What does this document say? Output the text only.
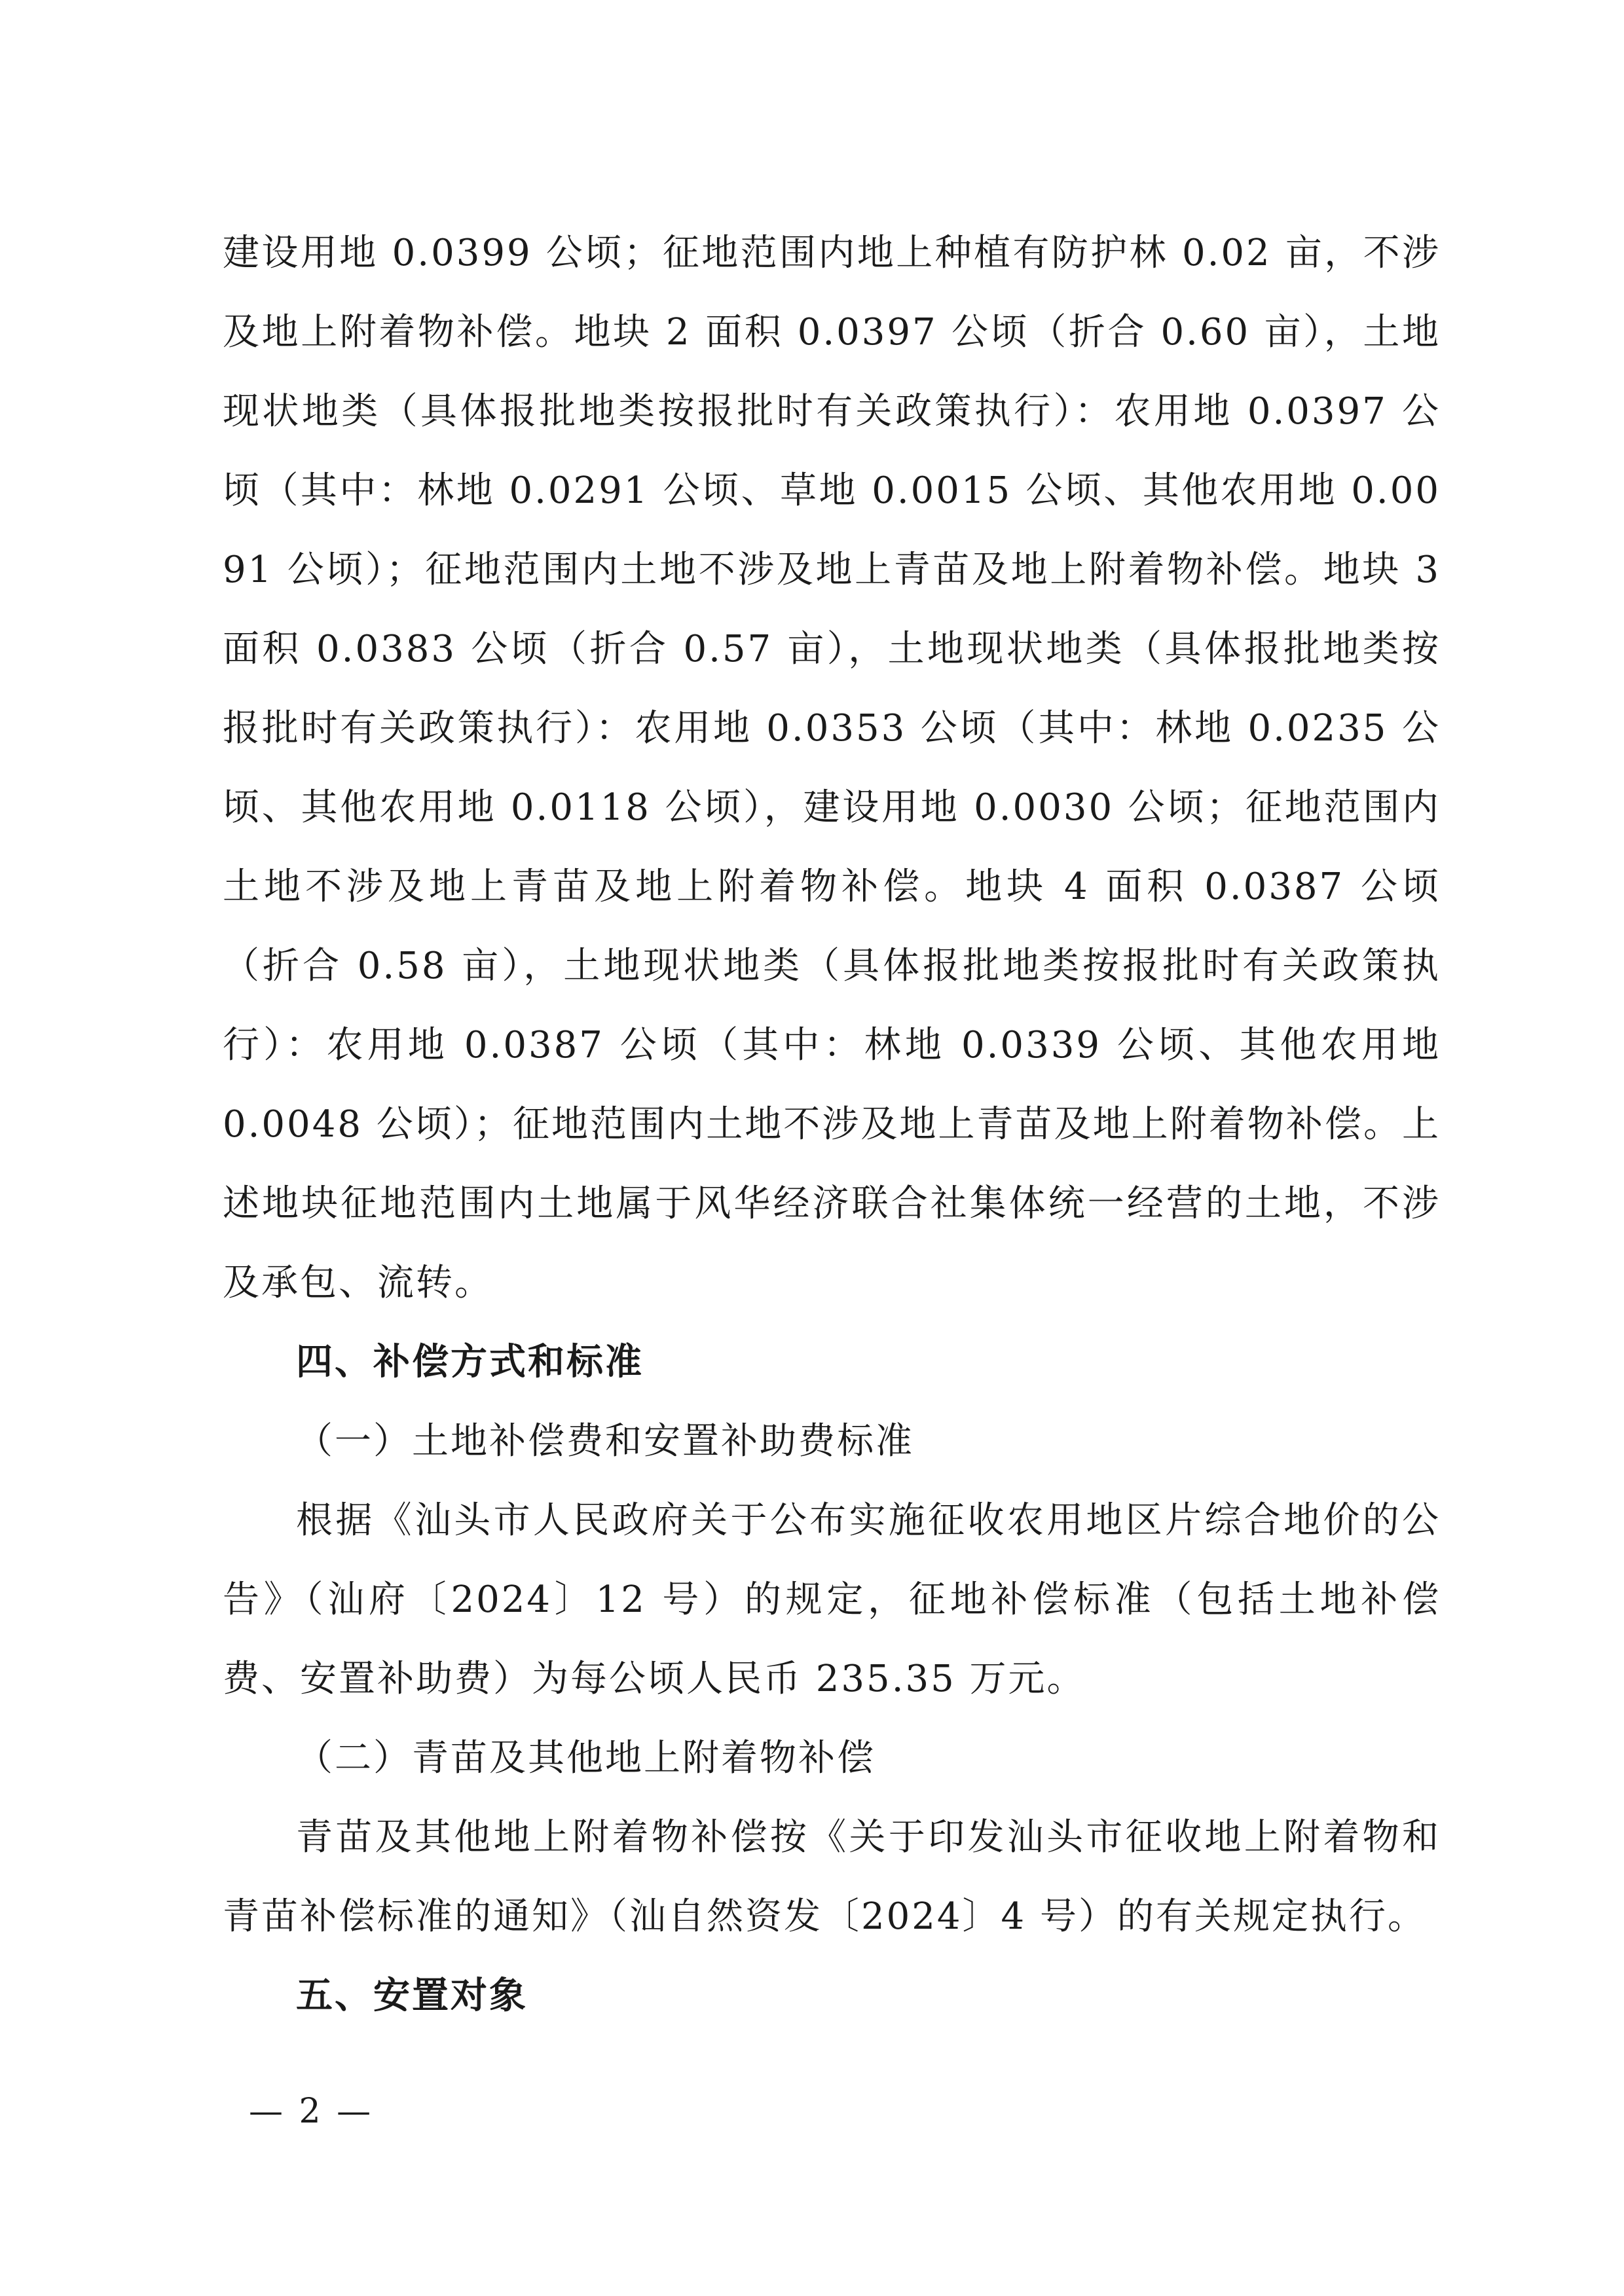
建设用地 0.0399 公顷；征地范围内地上种植有防护林 0.02 亩，不涉及地上附着物补偿。地块 2 面积 0.0397 公顷（折合 0.60 亩），土地现状地类（具体报批地类按报批时有关政策执行）：农用地 0.0397 公顷（其中：林地 0.0291 公顷、草地 0.0015 公顷、其他农用地 0.0091 公顷）；征地范围内土地不涉及地上青苗及地上附着物补偿。地块 3 面积 0.0383 公顷（折合 0.57 亩），土地现状地类（具体报批地类按报批时有关政策执行）：农用地 0.0353 公顷（其中：林地 0.0235 公顷、其他农用地 0.0118 公顷），建设用地 0.0030 公顷；征地范围内土地不涉及地上青苗及地上附着物补偿。地块 4 面积 0.0387 公顷（折合 0.58 亩），土地现状地类（具体报批地类按报批时有关政策执行）：农用地 0.0387 公顷（其中：林地 0.0339 公顷、其他农用地 0.0048 公顷）；征地范围内土地不涉及地上青苗及地上附着物补偿。上述地块征地范围内土地属于风华经济联合社集体统一经营的土地，不涉及承包、流转。

四、补偿方式和标准

（一）土地补偿费和安置补助费标准

根据《汕头市人民政府关于公布实施征收农用地区片综合地价的公告》（汕府〔2024〕12 号）的规定，征地补偿标准（包括土地补偿费、安置补助费）为每公顷人民币 235.35 万元。

（二）青苗及其他地上附着物补偿

青苗及其他地上附着物补偿按《关于印发汕头市征收地上附着物和青苗补偿标准的通知》（汕自然资发〔2024〕4 号）的有关规定执行。

五、安置对象

— 2 —
